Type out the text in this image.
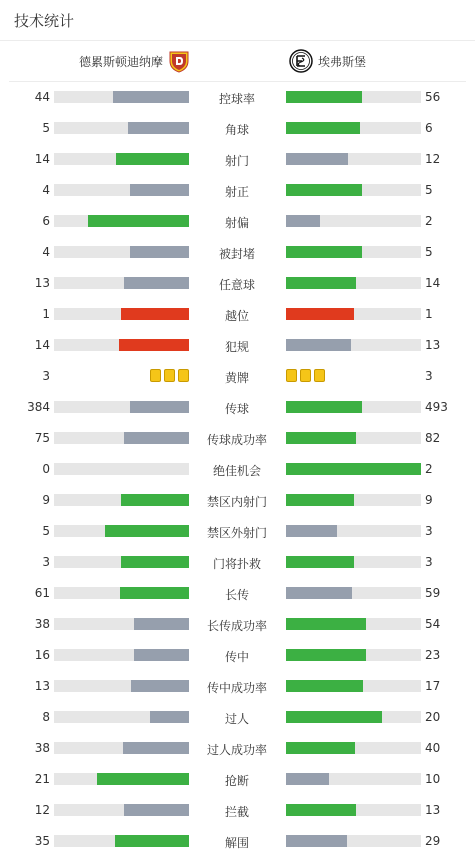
技术统计
德累斯顿迪纳摩	埃弗斯堡
44	控球率	56
5	角球	6
14	射门	12
4	射正	5
6	射偏	2
4	被封堵	5
13	任意球	14
1	越位	1
14	犯规	13
3	黄牌	3
384	传球	493
75	传球成功率	82
0	绝佳机会	2
9	禁区内射门	9
5	禁区外射门	3
3	门将扑救	3
61	长传	59
38	长传成功率	54
16	传中	23
13	传中成功率	17
8	过人	20
38	过人成功率	40
21	抢断	10
12	拦截	13
35	解围	29
